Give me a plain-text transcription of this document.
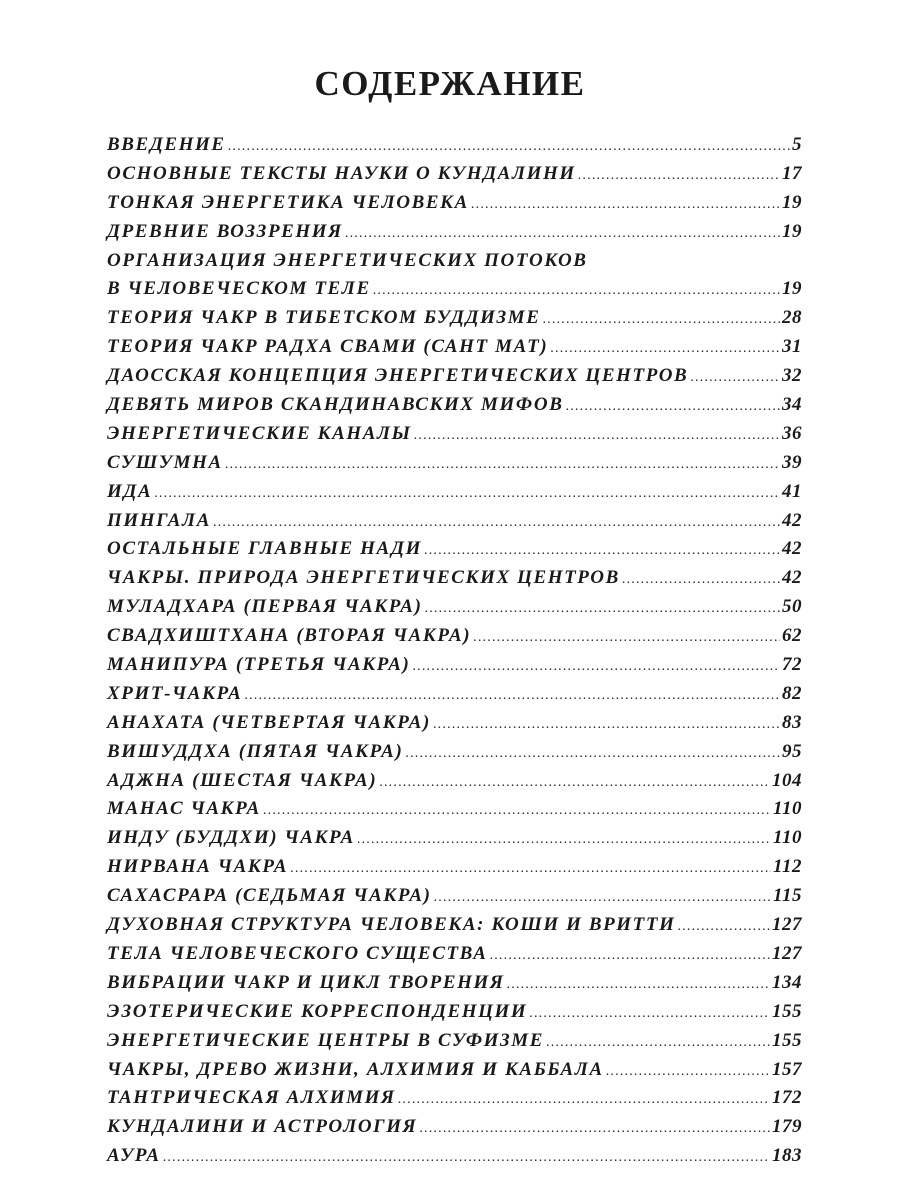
СОДЕРЖАНИЕ
ВВЕДЕНИЕ .....	5
ОСНОВНЫЕ ТЕКСТЫ НАУКИ О КУНДАЛИНИ .....	17
ТОНКАЯ ЭНЕРГЕТИКА ЧЕЛОВЕКА .....	19
ДРЕВНИЕ ВОЗЗРЕНИЯ .....	19
ОРГАНИЗАЦИЯ ЭНЕРГЕТИЧЕСКИХ ПОТОКОВ
В ЧЕЛОВЕЧЕСКОМ ТЕЛЕ .....	19
ТЕОРИЯ ЧАКР В ТИБЕТСКОМ БУДДИЗМЕ .....	28
ТЕОРИЯ ЧАКР РАДХА СВАМИ (САНТ МАТ) .....	31
ДАОССКАЯ КОНЦЕПЦИЯ ЭНЕРГЕТИЧЕСКИХ ЦЕНТРОВ .....	32
ДЕВЯТЬ МИРОВ СКАНДИНАВСКИХ МИФОВ .....	34
ЭНЕРГЕТИЧЕСКИЕ КАНАЛЫ .....	36
СУШУМНА .....	39
ИДА .....	41
ПИНГАЛА .....	42
ОСТАЛЬНЫЕ ГЛАВНЫЕ НАДИ .....	42
ЧАКРЫ. ПРИРОДА ЭНЕРГЕТИЧЕСКИХ ЦЕНТРОВ .....	42
МУЛАДХАРА (ПЕРВАЯ ЧАКРА) .....	50
СВАДХИШТХАНА (ВТОРАЯ ЧАКРА) .....	62
МАНИПУРА (ТРЕТЬЯ ЧАКРА) .....	72
ХРИТ-ЧАКРА .....	82
АНАХАТА (ЧЕТВЕРТАЯ ЧАКРА) .....	83
ВИШУДДХА (ПЯТАЯ ЧАКРА) .....	95
АДЖНА (ШЕСТАЯ ЧАКРА) .....	104
МАНАС ЧАКРА .....	110
ИНДУ (БУДДХИ) ЧАКРА .....	110
НИРВАНА ЧАКРА .....	112
САХАСРАРА (СЕДЬМАЯ ЧАКРА) .....	115
ДУХОВНАЯ СТРУКТУРА ЧЕЛОВЕКА: КОШИ И ВРИТТИ .....	127
ТЕЛА ЧЕЛОВЕЧЕСКОГО СУЩЕСТВА .....	127
ВИБРАЦИИ ЧАКР И ЦИКЛ ТВОРЕНИЯ .....	134
ЭЗОТЕРИЧЕСКИЕ КОРРЕСПОНДЕНЦИИ .....	155
ЭНЕРГЕТИЧЕСКИЕ ЦЕНТРЫ В СУФИЗМЕ .....	155
ЧАКРЫ, ДРЕВО ЖИЗНИ, АЛХИМИЯ И КАББАЛА .....	157
ТАНТРИЧЕСКАЯ АЛХИМИЯ .....	172
КУНДАЛИНИ И АСТРОЛОГИЯ .....	179
АУРА .....	183
